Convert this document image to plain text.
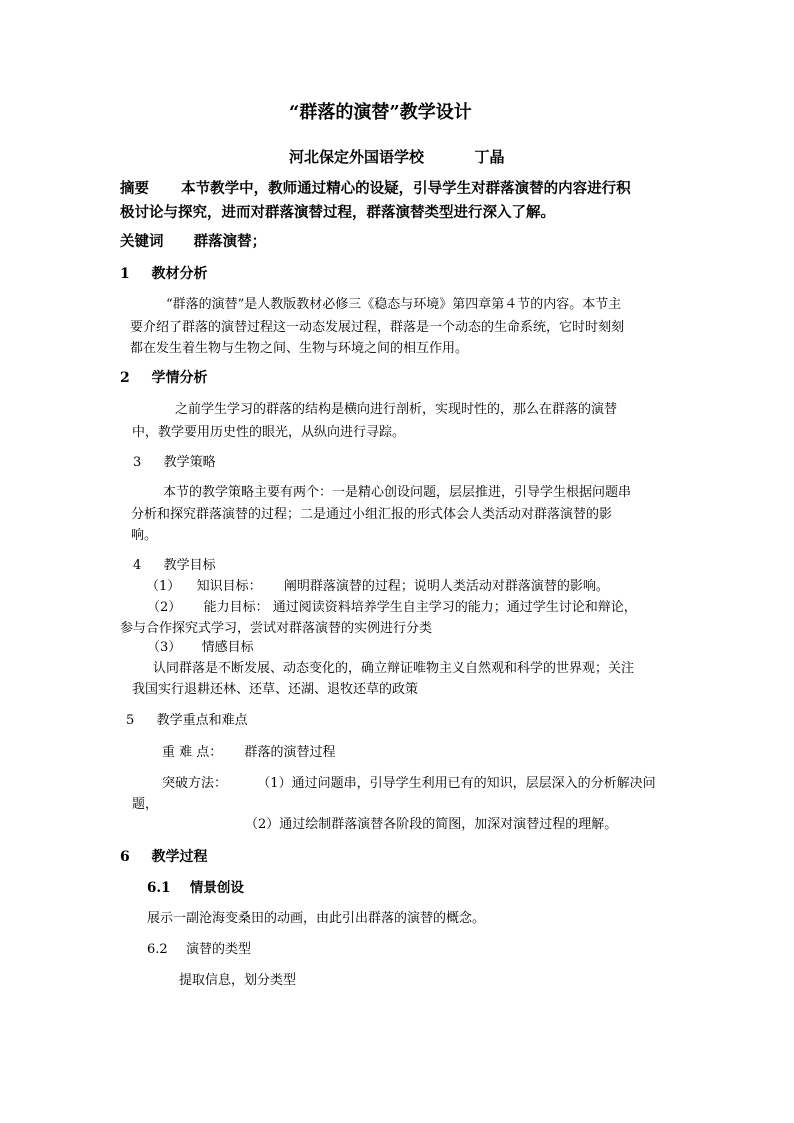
“群落的演替”教学设计
河北保定外国语学校	丁晶
摘要 本节教学中，教师通过精心的设疑，引导学生对群落演替的内容进行积
极讨论与探究，进而对群落演替过程，群落演替类型进行深入了解。
关键词 群落演替；
1 教材分析
“群落的演替”是人教版教材必修三《稳态与环境》第四章第４节的内容。本节主
要介绍了群落的演替过程这一动态发展过程，群落是一个动态的生命系统，它时时刻刻
都在发生着生物与生物之间、生物与环境之间的相互作用。
2 学情分析
之前学生学习的群落的结构是横向进行剖析，实现时性的，那么在群落的演替
中，教学要用历史性的眼光，从纵向进行寻踪。
3 教学策略
本节的教学策略主要有两个：一是精心创设问题，层层推进，引导学生根据问题串
分析和探究群落演替的过程；二是通过小组汇报的形式体会人类活动对群落演替的影
响。
4 教学目标
（1） 知识目标： 阐明群落演替的过程；说明人类活动对群落演替的影响。
（2） 能力目标： 通过阅读资料培养学生自主学习的能力；通过学生讨论和辩论，
参与合作探究式学习，尝试对群落演替的实例进行分类
（3） 情感目标
认同群落是不断发展、动态变化的，确立辩证唯物主义自然观和科学的世界观；关注
我国实行退耕还林、还草、还湖、退牧还草的政策
5 教学重点和难点
重 难 点： 群落的演替过程
突破方法： （1）通过问题串，引导学生利用已有的知识，层层深入的分析解决问
题，
（2）通过绘制群落演替各阶段的简图，加深对演替过程的理解。
6 教学过程
6.1 情景创设
展示一副沧海变桑田的动画，由此引出群落的演替的概念。
6.2 演替的类型
提取信息，划分类型
